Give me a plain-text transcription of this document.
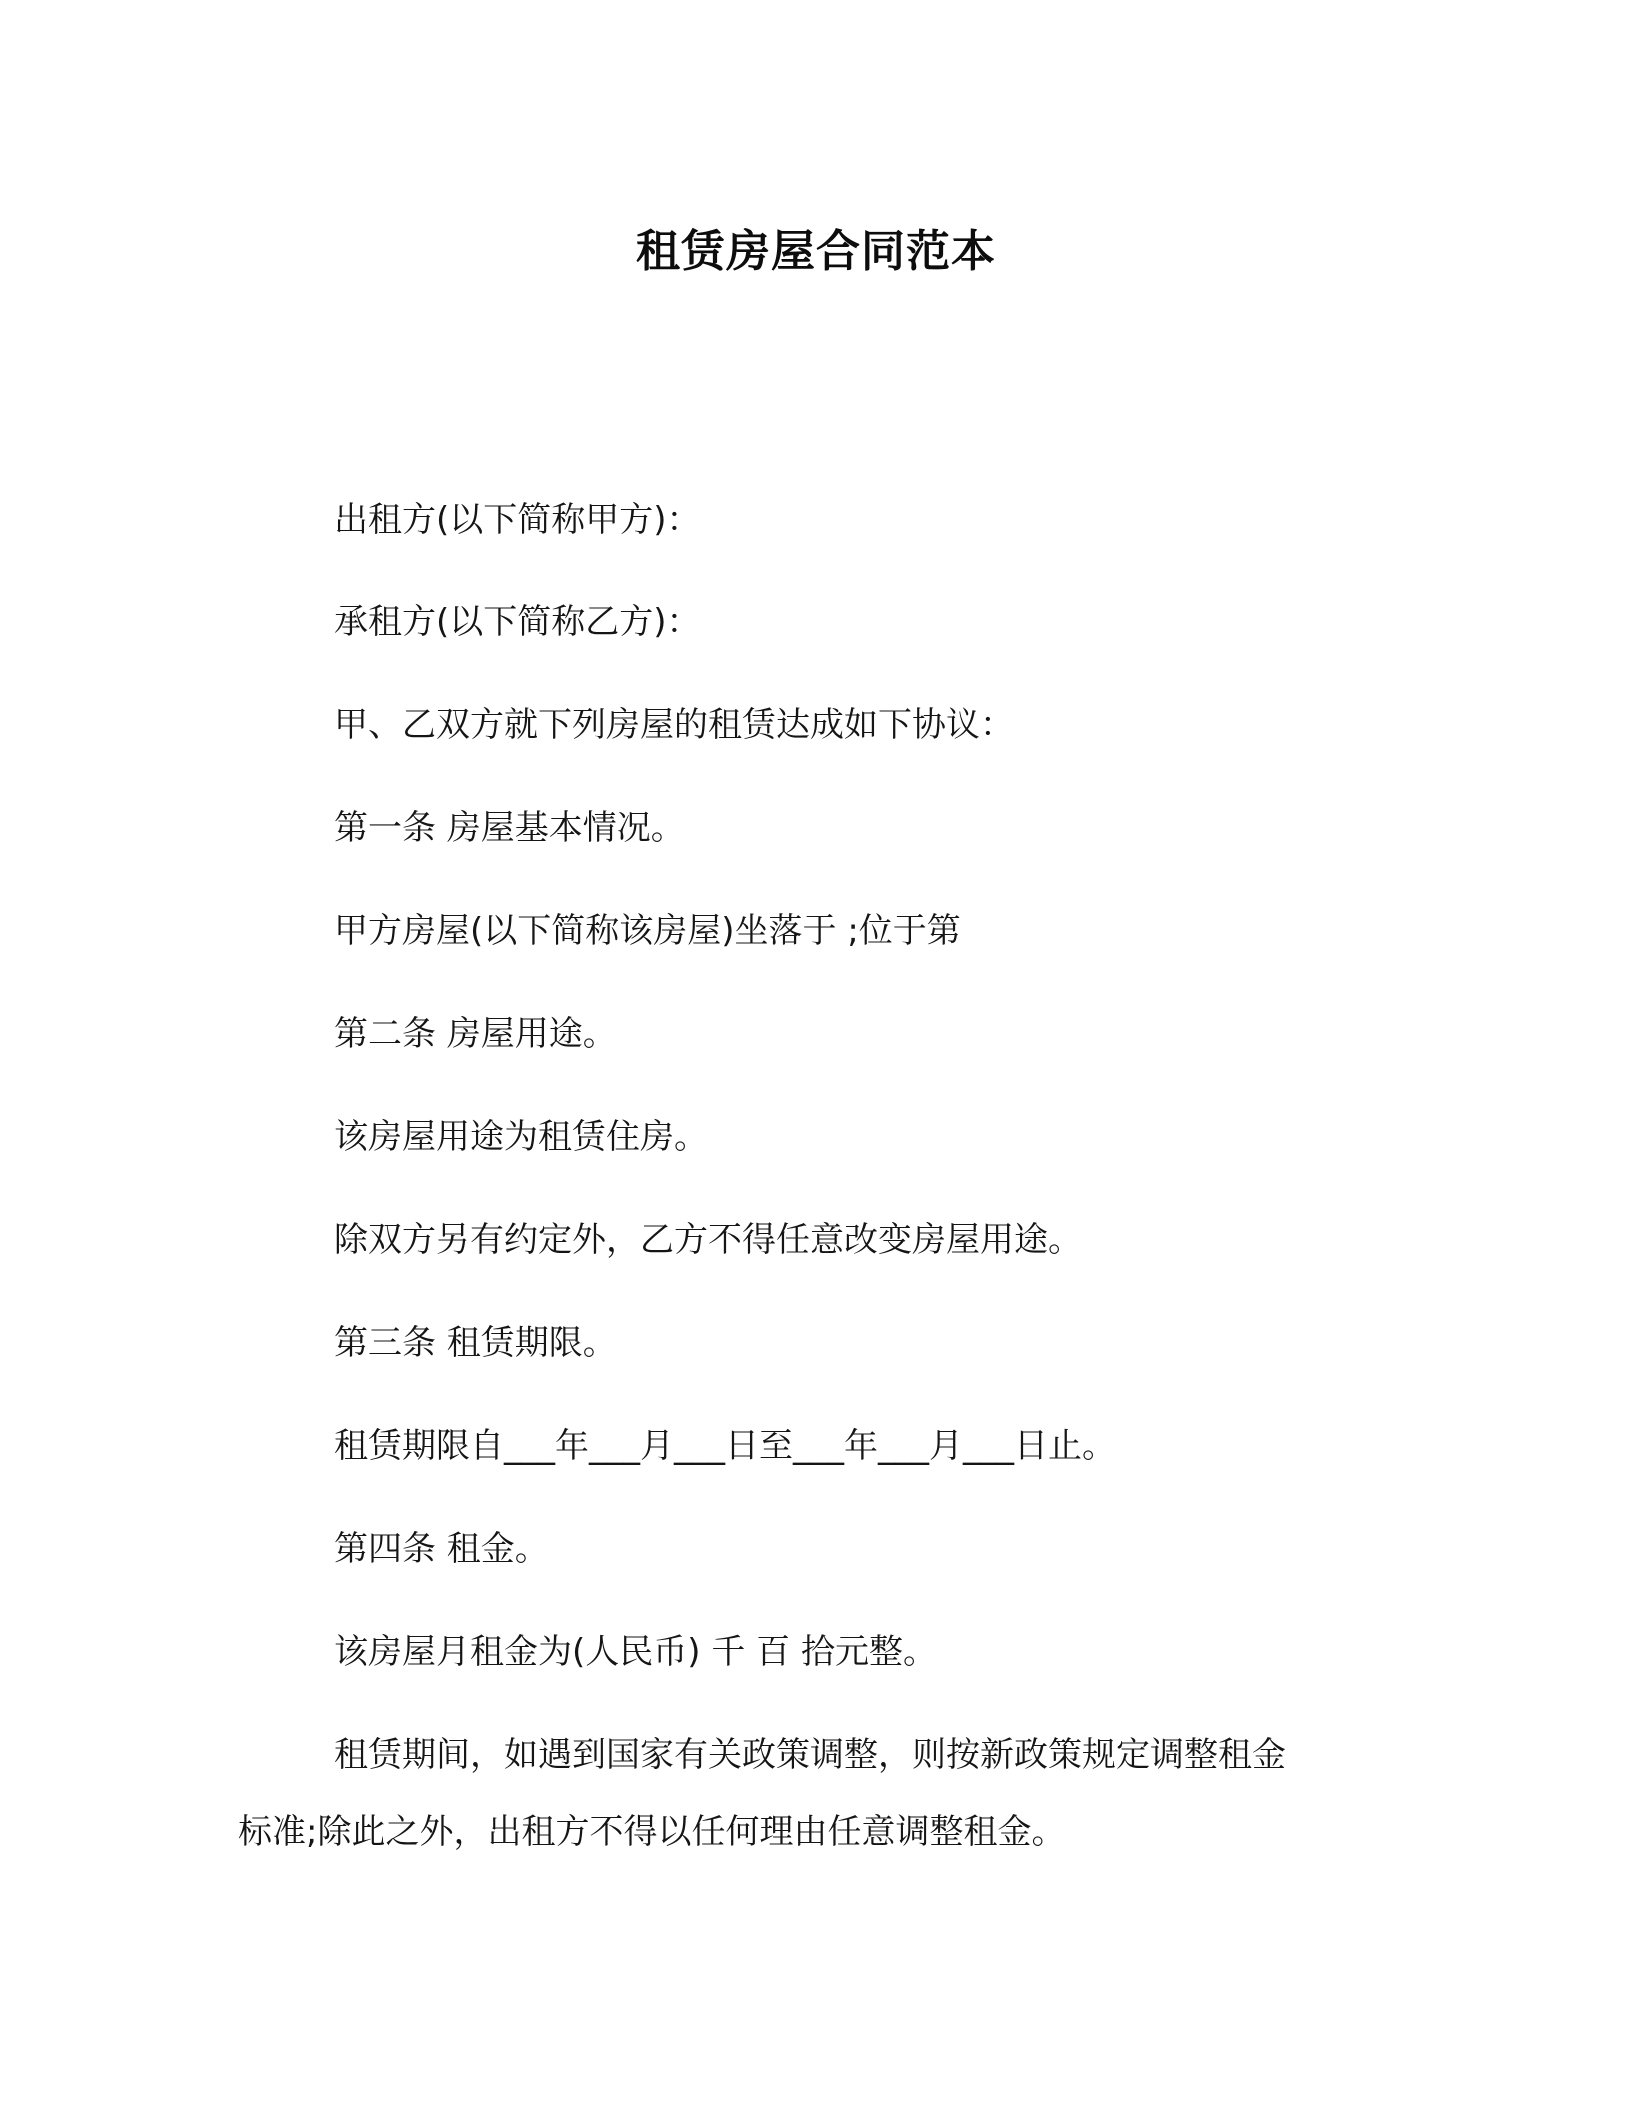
租赁房屋合同范本
出租方(以下简称甲方)：
承租方(以下简称乙方)：
甲、乙双方就下列房屋的租赁达成如下协议：
第一条 房屋基本情况。
甲方房屋(以下简称该房屋)坐落于 ;位于第
第二条 房屋用途。
该房屋用途为租赁住房。
除双方另有约定外，乙方不得任意改变房屋用途。
第三条 租赁期限。
租赁期限自___年___月___日至___年___月___日止。
第四条 租金。
该房屋月租金为(人民币) 千 百 拾元整。
租赁期间，如遇到国家有关政策调整，则按新政策规定调整租金
标准;除此之外，出租方不得以任何理由任意调整租金。
